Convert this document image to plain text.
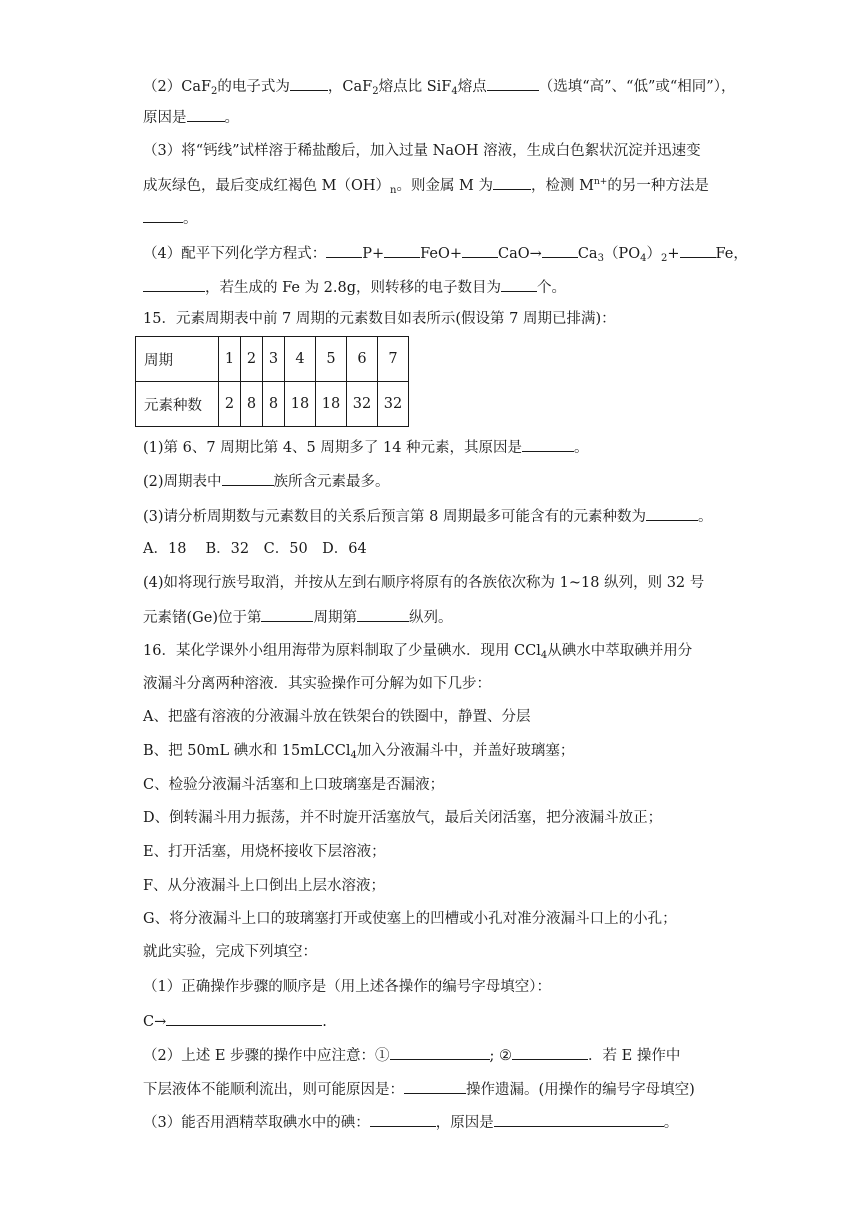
（2）CaF$_2$的电子式为	，CaF$_2$熔点比 SiF$_4$熔点	（选填“高”、“低”或“相同”），
原因是	。
（3）将“钙线”试样溶于稀盐酸后，加入过量 NaOH 溶液，生成白色絮状沉淀并迅速变
成灰绿色，最后变成红褐色 $M(OH)_n$。则金属 M 为	，检测 $M^{n+}$的另一种方法是
。
（4）配平下列化学方程式： $P+ FeO+ CaO\to Ca_3(PO_4)_2+ Fe$，
，若生成的 Fe 为 2.8g，则转移的电子数目为 个。
15．元素周期表中前 7 周期的元素数目如表所示(假设第 7 周期已排满)：
周期	1	2	3	4	5	6	7
元素种数	2	8	8	18	18	32	32
(1)第 6、7 周期比第 4、5 周期多了 14 种元素，其原因是	。
(2)周期表中	族所含元素最多。
(3)请分析周期数与元素数目的关系后预言第 8 周期最多可能含有的元素种数为	。
A．18　 B．32　C．50　D．64
(4)如将现行族号取消，并按从左到右顺序将原有的各族依次称为 1~18 纵列，则 32 号
元素锗(Ge)位于第	周期第	纵列。
16．某化学课外小组用海带为原料制取了少量碘水．现用 CCl$_4$从碘水中萃取碘并用分
液漏斗分离两种溶液．其实验操作可分解为如下几步：
A、把盛有溶液的分液漏斗放在铁架台的铁圈中，静置、分层
B、把 50mL 碘水和 15mLCCl$_4$加入分液漏斗中，并盖好玻璃塞；
C、检验分液漏斗活塞和上口玻璃塞是否漏液；
D、倒转漏斗用力振荡，并不时旋开活塞放气，最后关闭活塞，把分液漏斗放正；
E、打开活塞，用烧杯接收下层溶液；
F、从分液漏斗上口倒出上层水溶液；
G、将分液漏斗上口的玻璃塞打开或使塞上的凹槽或小孔对准分液漏斗口上的小孔；
就此实验，完成下列填空：
（1）正确操作步骤的顺序是（用上述各操作的编号字母填空）：
C→	.
（2）上述 E 步骤的操作中应注意：①	; ②	．若 E 操作中
下层液体不能顺利流出，则可能原因是：	操作遗漏。(用操作的编号字母填空)
（3）能否用酒精萃取碘水中的碘：	，原因是	。
